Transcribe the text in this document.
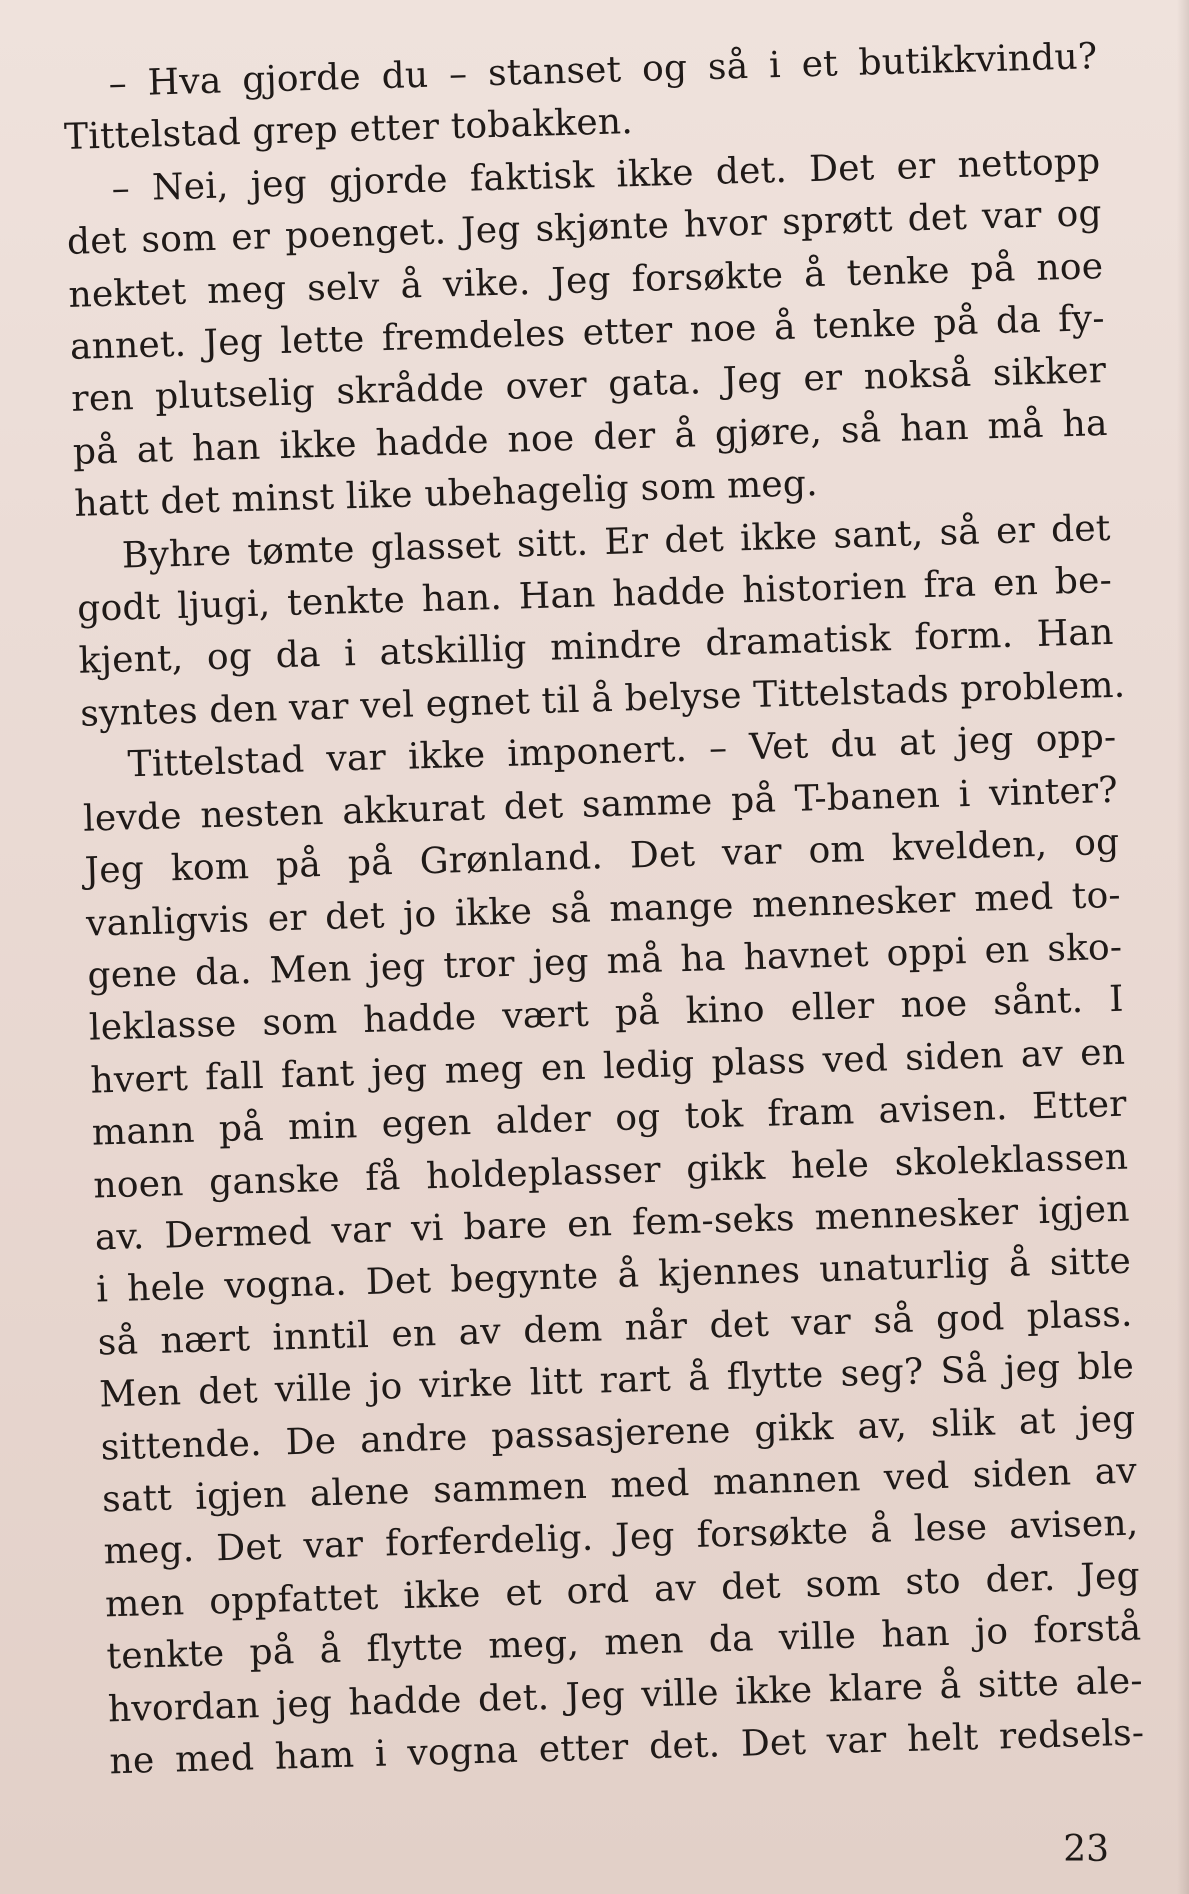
– Hva gjorde du – stanset og så i et butikkvindu?
Tittelstad grep etter tobakken.
– Nei, jeg gjorde faktisk ikke det. Det er nettopp
det som er poenget. Jeg skjønte hvor sprøtt det var og
nektet meg selv å vike. Jeg forsøkte å tenke på noe
annet. Jeg lette fremdeles etter noe å tenke på da fy-
ren plutselig skrådde over gata. Jeg er nokså sikker
på at han ikke hadde noe der å gjøre, så han må ha
hatt det minst like ubehagelig som meg.
Byhre tømte glasset sitt. Er det ikke sant, så er det
godt ljugi, tenkte han. Han hadde historien fra en be-
kjent, og da i atskillig mindre dramatisk form. Han
syntes den var vel egnet til å belyse Tittelstads problem.
Tittelstad var ikke imponert. – Vet du at jeg opp-
levde nesten akkurat det samme på T-banen i vinter?
Jeg kom på på Grønland. Det var om kvelden, og
vanligvis er det jo ikke så mange mennesker med to-
gene da. Men jeg tror jeg må ha havnet oppi en sko-
leklasse som hadde vært på kino eller noe sånt. I
hvert fall fant jeg meg en ledig plass ved siden av en
mann på min egen alder og tok fram avisen. Etter
noen ganske få holdeplasser gikk hele skoleklassen
av. Dermed var vi bare en fem-seks mennesker igjen
i hele vogna. Det begynte å kjennes unaturlig å sitte
så nært inntil en av dem når det var så god plass.
Men det ville jo virke litt rart å flytte seg? Så jeg ble
sittende. De andre passasjerene gikk av, slik at jeg
satt igjen alene sammen med mannen ved siden av
meg. Det var forferdelig. Jeg forsøkte å lese avisen,
men oppfattet ikke et ord av det som sto der. Jeg
tenkte på å flytte meg, men da ville han jo forstå
hvordan jeg hadde det. Jeg ville ikke klare å sitte ale-
ne med ham i vogna etter det. Det var helt redsels-
23
